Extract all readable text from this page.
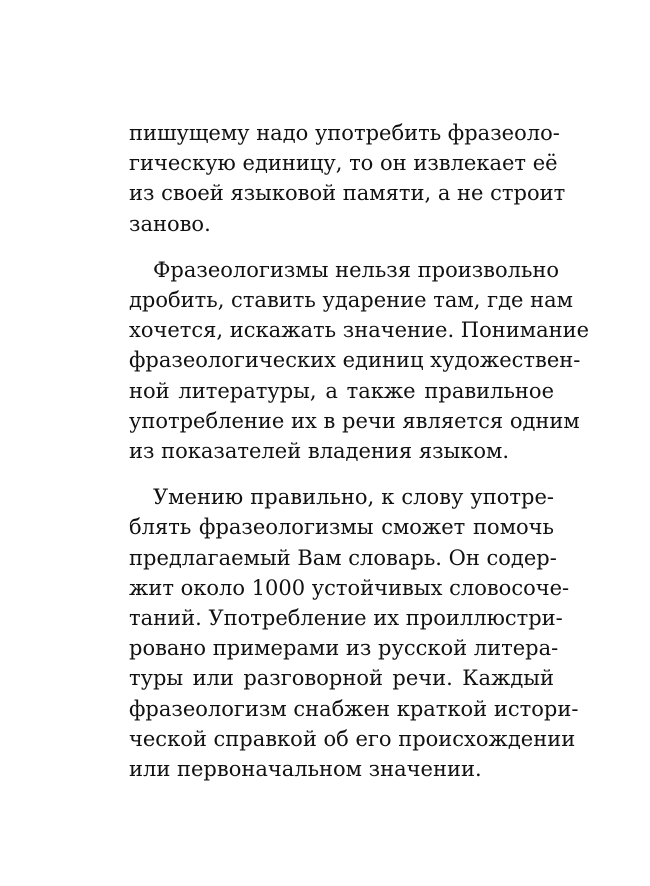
пишущему надо употребить фразеоло-
гическую единицу, то он извлекает её
из своей языковой памяти, а не строит
заново.

Фразеологизмы нельзя произвольно
дробить, ставить ударение там, где нам
хочется, искажать значение. Понимание
фразеологических единиц художествен-
ной литературы, а также правильное
употребление их в речи является одним
из показателей владения языком.

Умению правильно, к слову употре-
блять фразеологизмы сможет помочь
предлагаемый Вам словарь. Он содер-
жит около 1000 устойчивых словосоче-
таний. Употребление их проиллюстри-
ровано примерами из русской литера-
туры или разговорной речи. Каждый
фразеологизм снабжен краткой истори-
ческой справкой об его происхождении
или первоначальном значении.
